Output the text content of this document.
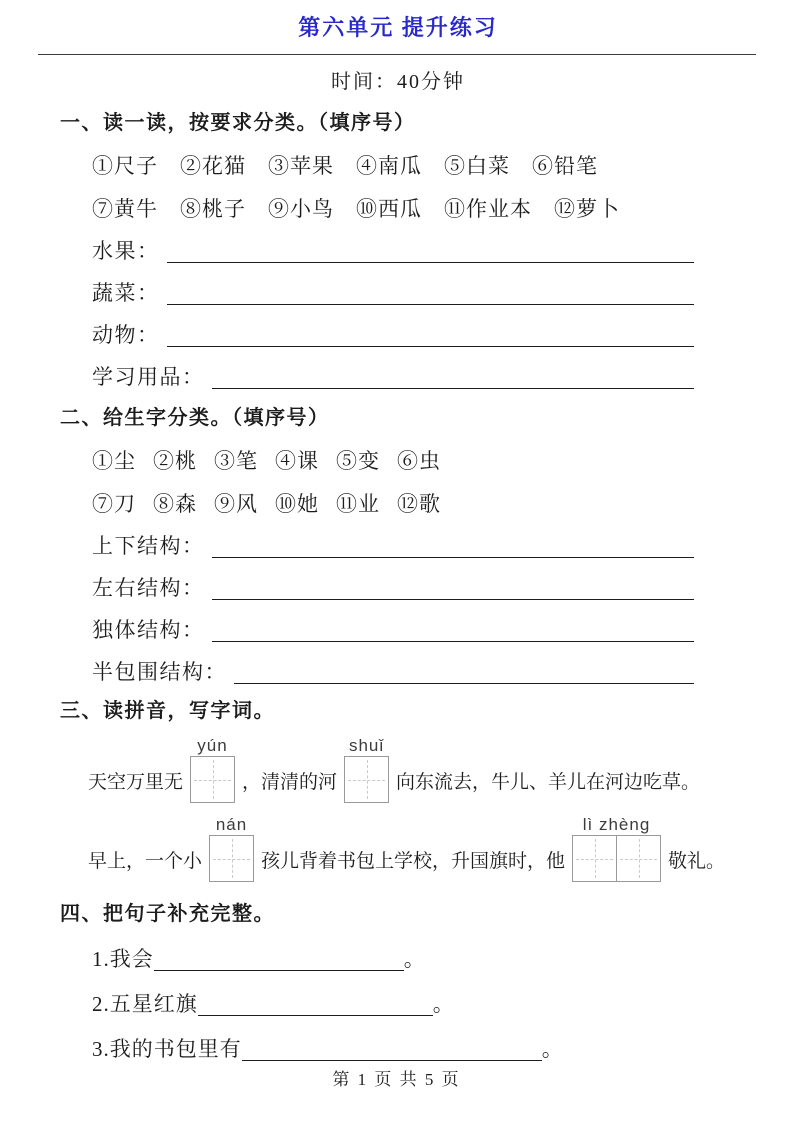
第六单元 提升练习
时间：40分钟
一、读一读，按要求分类。（填序号）
①尺子 ②花猫 ③苹果 ④南瓜 ⑤白菜 ⑥铅笔
⑦黄牛 ⑧桃子 ⑨小鸟 ⑩西瓜 ⑪作业本 ⑫萝卜
水果：
蔬菜：
动物：
学习用品：
二、给生字分类。（填序号）
①尘 ②桃 ③笔 ④课 ⑤变 ⑥虫
⑦刀 ⑧森 ⑨风 ⑩她 ⑪业 ⑫歌
上下结构：
左右结构：
独体结构：
半包围结构：
三、读拼音，写字词。
天空万里无
yún
，清清的河
shuǐ
向东流去，牛儿、羊儿在河边吃草。
早上，一个小
nán
孩儿背着书包上学校，升国旗时，他
lì zhèng
敬礼。
四、把句子补充完整。
1.我会	。
2.五星红旗	。
3.我的书包里有	。
第 1 页 共 5 页
